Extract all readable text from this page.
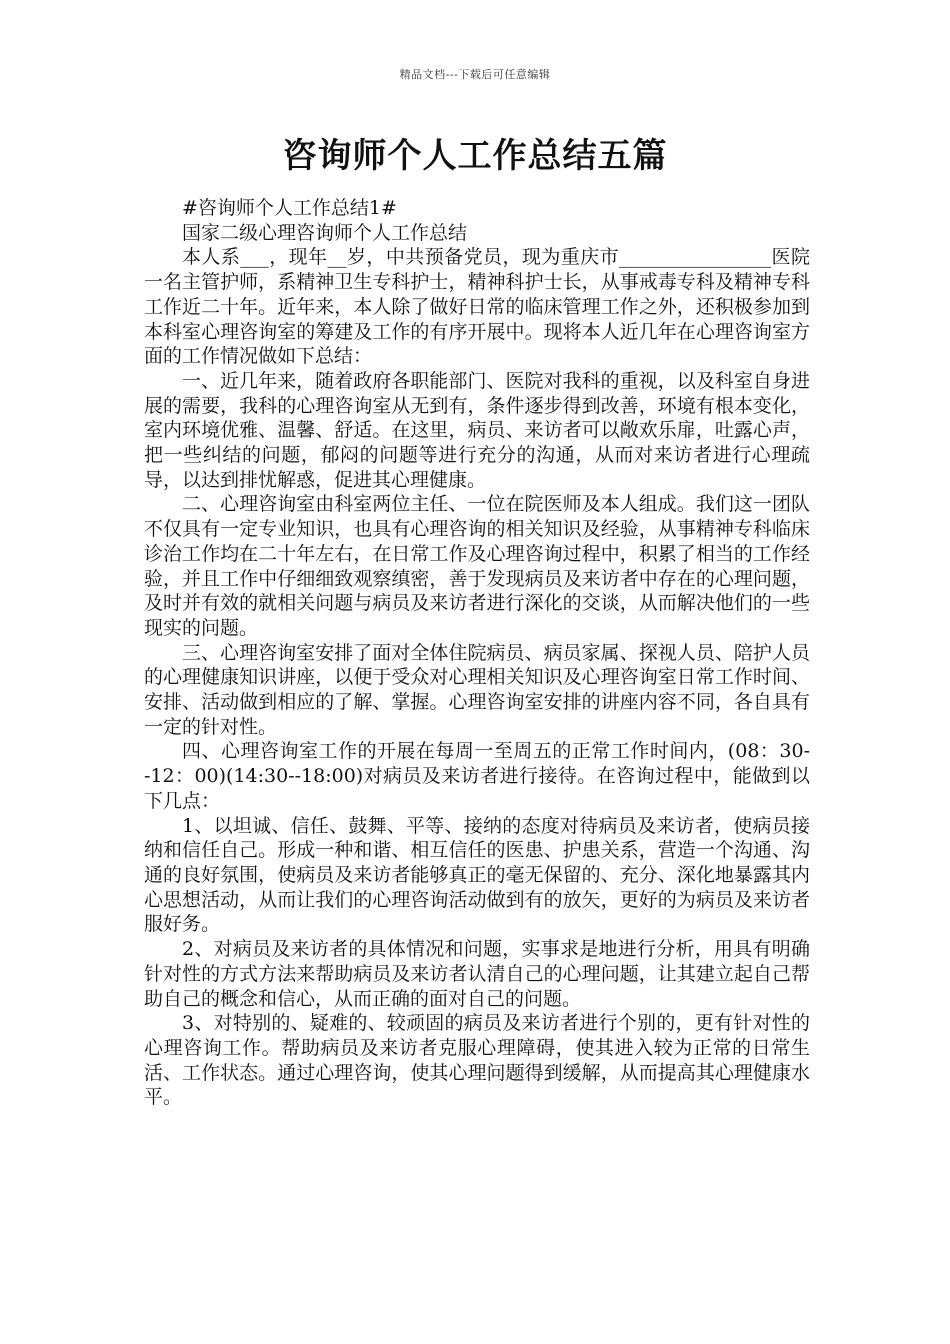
精品文档---下载后可任意编辑
咨询师个人工作总结五篇

#咨询师个人工作总结1#

国家二级心理咨询师个人工作总结

本人系___，现年__岁，中共预备党员，现为重庆市________________医院一名主管护师，系精神卫生专科护士，精神科护士长，从事戒毒专科及精神专科工作近二十年。近年来，本人除了做好日常的临床管理工作之外，还积极参加到本科室心理咨询室的筹建及工作的有序开展中。现将本人近几年在心理咨询室方面的工作情况做如下总结：

一、近几年来，随着政府各职能部门、医院对我科的重视，以及科室自身进展的需要，我科的心理咨询室从无到有，条件逐步得到改善，环境有根本变化，室内环境优雅、温馨、舒适。在这里，病员、来访者可以敞欢乐扉，吐露心声，把一些纠结的问题，郁闷的问题等进行充分的沟通，从而对来访者进行心理疏导，以达到排忧解惑，促进其心理健康。

二、心理咨询室由科室两位主任、一位在院医师及本人组成。我们这一团队不仅具有一定专业知识，也具有心理咨询的相关知识及经验，从事精神专科临床诊治工作均在二十年左右，在日常工作及心理咨询过程中，积累了相当的工作经验，并且工作中仔细细致观察缜密，善于发现病员及来访者中存在的心理问题，及时并有效的就相关问题与病员及来访者进行深化的交谈，从而解决他们的一些现实的问题。

三、心理咨询室安排了面对全体住院病员、病员家属、探视人员、陪护人员的心理健康知识讲座，以便于受众对心理相关知识及心理咨询室日常工作时间、安排、活动做到相应的了解、掌握。心理咨询室安排的讲座内容不同，各自具有一定的针对性。

四、心理咨询室工作的开展在每周一至周五的正常工作时间内，(08：30--12：00)(14:30--18:00)对病员及来访者进行接待。在咨询过程中，能做到以下几点：

1、以坦诚、信任、鼓舞、平等、接纳的态度对待病员及来访者，使病员接纳和信任自己。形成一种和谐、相互信任的医患、护患关系，营造一个沟通、沟通的良好氛围，使病员及来访者能够真正的毫无保留的、充分、深化地暴露其内心思想活动，从而让我们的心理咨询活动做到有的放矢，更好的为病员及来访者服好务。

2、对病员及来访者的具体情况和问题，实事求是地进行分析，用具有明确针对性的方式方法来帮助病员及来访者认清自己的心理问题，让其建立起自己帮助自己的概念和信心，从而正确的面对自己的问题。

3、对特别的、疑难的、较顽固的病员及来访者进行个别的，更有针对性的心理咨询工作。帮助病员及来访者克服心理障碍，使其进入较为正常的日常生活、工作状态。通过心理咨询，使其心理问题得到缓解，从而提高其心理健康水平。
